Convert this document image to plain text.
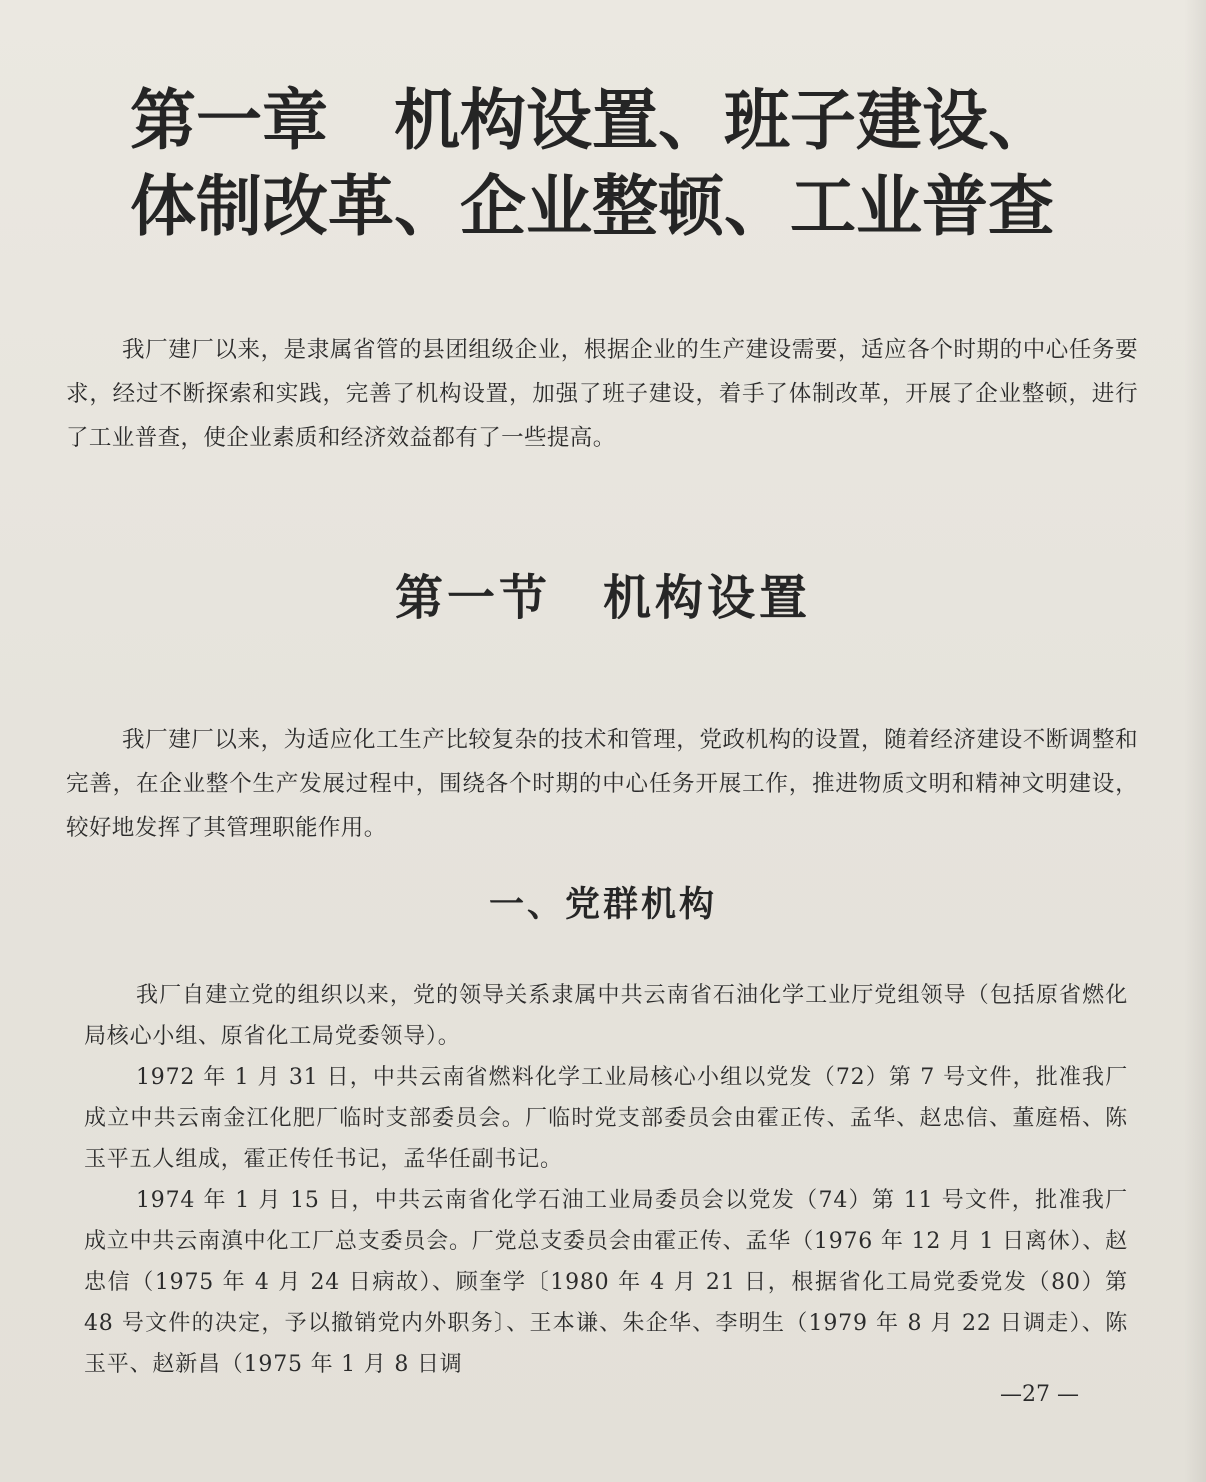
第一章　机构设置、班子建设、
体制改革、企业整顿、工业普查

我厂建厂以来，是隶属省管的县团组级企业，根据企业的生产建设需要，适应各个时期的中心任务要求，经过不断探索和实践，完善了机构设置，加强了班子建设，着手了体制改革，开展了企业整顿，进行了工业普查，使企业素质和经济效益都有了一些提高。

第一节　机构设置

我厂建厂以来，为适应化工生产比较复杂的技术和管理，党政机构的设置，随着经济建设不断调整和完善，在企业整个生产发展过程中，围绕各个时期的中心任务开展工作，推进物质文明和精神文明建设，较好地发挥了其管理职能作用。

一、党群机构

我厂自建立党的组织以来，党的领导关系隶属中共云南省石油化学工业厅党组领导（包括原省燃化局核心小组、原省化工局党委领导）。

1972 年 1 月 31 日，中共云南省燃料化学工业局核心小组以党发（72）第 7 号文件，批准我厂成立中共云南金江化肥厂临时支部委员会。厂临时党支部委员会由霍正传、孟华、赵忠信、董庭梧、陈玉平五人组成，霍正传任书记，孟华任副书记。

1974 年 1 月 15 日，中共云南省化学石油工业局委员会以党发（74）第 11 号文件，批准我厂成立中共云南滇中化工厂总支委员会。厂党总支委员会由霍正传、孟华（1976 年 12 月 1 日离休）、赵忠信（1975 年 4 月 24 日病故）、顾奎学〔1980 年 4 月 21 日，根据省化工局党委党发（80）第 48 号文件的决定，予以撤销党内外职务〕、王本谦、朱企华、李明生（1979 年 8 月 22 日调走）、陈玉平、赵新昌（1975 年 1 月 8 日调

—27 —
